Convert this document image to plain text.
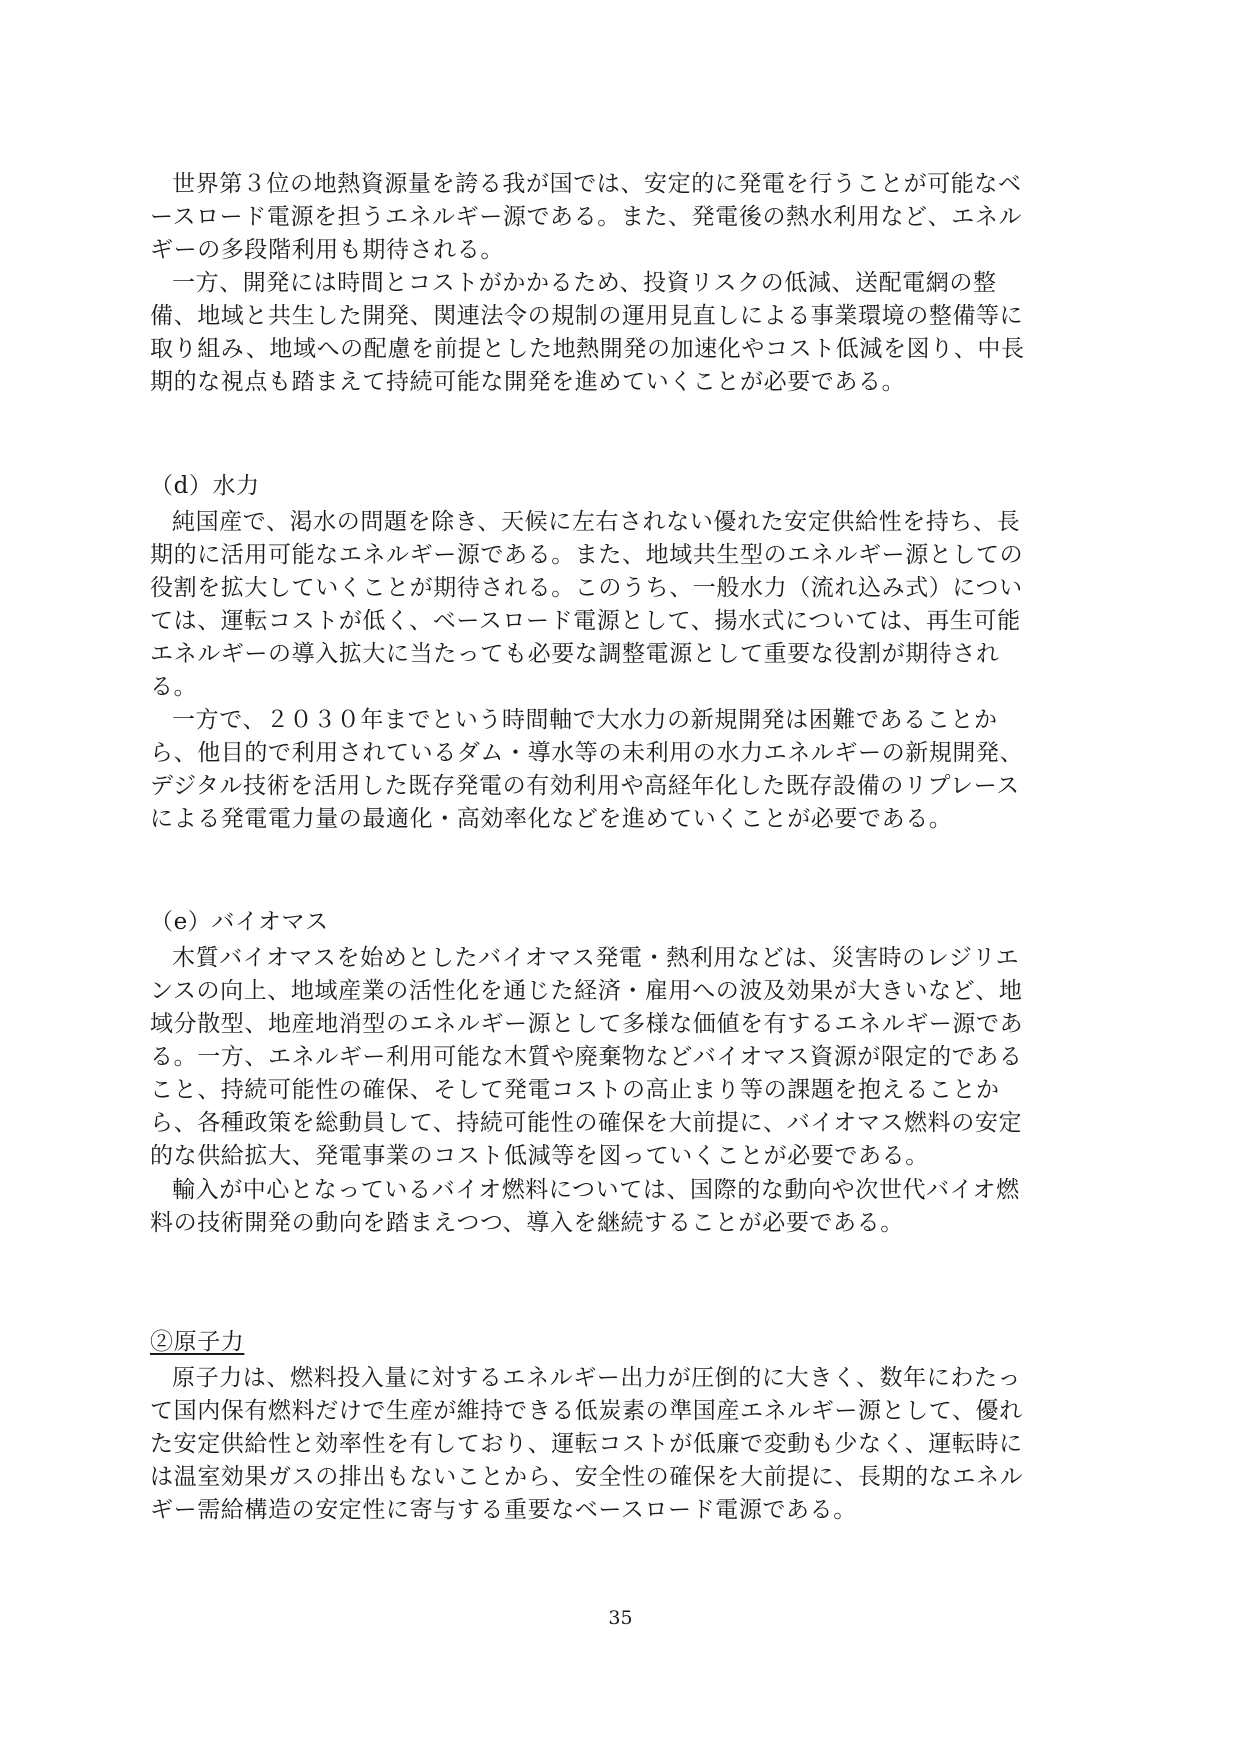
世界第３位の地熱資源量を誇る我が国では、安定的に発電を行うことが可能なベ
ースロード電源を担うエネルギー源である。また、発電後の熱水利用など、エネル
ギーの多段階利用も期待される。
一方、開発には時間とコストがかかるため、投資リスクの低減、送配電網の整
備、地域と共生した開発、関連法令の規制の運用見直しによる事業環境の整備等に
取り組み、地域への配慮を前提とした地熱開発の加速化やコスト低減を図り、中長
期的な視点も踏まえて持続可能な開発を進めていくことが必要である。
（d）水力
純国産で、渇水の問題を除き、天候に左右されない優れた安定供給性を持ち、長
期的に活用可能なエネルギー源である。また、地域共生型のエネルギー源としての
役割を拡大していくことが期待される。このうち、一般水力（流れ込み式）につい
ては、運転コストが低く、ベースロード電源として、揚水式については、再生可能
エネルギーの導入拡大に当たっても必要な調整電源として重要な役割が期待され
る。
一方で、２０３０年までという時間軸で大水力の新規開発は困難であることか
ら、他目的で利用されているダム・導水等の未利用の水力エネルギーの新規開発、
デジタル技術を活用した既存発電の有効利用や高経年化した既存設備のリプレース
による発電電力量の最適化・高効率化などを進めていくことが必要である。
（e）バイオマス
木質バイオマスを始めとしたバイオマス発電・熱利用などは、災害時のレジリエ
ンスの向上、地域産業の活性化を通じた経済・雇用への波及効果が大きいなど、地
域分散型、地産地消型のエネルギー源として多様な価値を有するエネルギー源であ
る。一方、エネルギー利用可能な木質や廃棄物などバイオマス資源が限定的である
こと、持続可能性の確保、そして発電コストの高止まり等の課題を抱えることか
ら、各種政策を総動員して、持続可能性の確保を大前提に、バイオマス燃料の安定
的な供給拡大、発電事業のコスト低減等を図っていくことが必要である。
輸入が中心となっているバイオ燃料については、国際的な動向や次世代バイオ燃
料の技術開発の動向を踏まえつつ、導入を継続することが必要である。
②原子力
原子力は、燃料投入量に対するエネルギー出力が圧倒的に大きく、数年にわたっ
て国内保有燃料だけで生産が維持できる低炭素の準国産エネルギー源として、優れ
た安定供給性と効率性を有しており、運転コストが低廉で変動も少なく、運転時に
は温室効果ガスの排出もないことから、安全性の確保を大前提に、長期的なエネル
ギー需給構造の安定性に寄与する重要なベースロード電源である。
35
